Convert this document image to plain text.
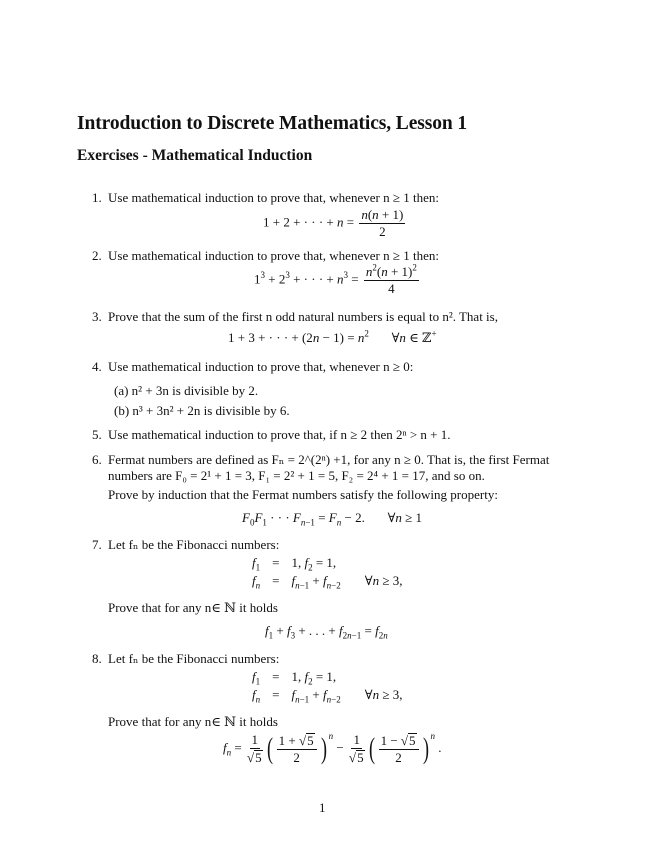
Introduction to Discrete Mathematics, Lesson 1
Exercises - Mathematical Induction
1. Use mathematical induction to prove that, whenever n ≥ 1 then:
1 + 2 + · · · + $n = \frac{n(n + 1)}{2}$
2. Use mathematical induction to prove that, whenever n ≥ 1 then:
$1^3 + 2^3$ + · · · + $n^3 = \frac{n^2(n + 1)^2}{4}$
3. Prove that the sum of the first n odd natural numbers is equal to n². That is,
1 + 3 + · · · + $(2n - 1) = n^2$       ∀n ∈ ℤ+
4. Use mathematical induction to prove that, whenever n ≥ 0:
(a) n² + 3n is divisible by 2.
(b) n³ + 3n² + 2n is divisible by 6.
5. Use mathematical induction to prove that, if n ≥ 2 then 2ⁿ > n + 1.
6. Fermat numbers are defined as Fₙ = 2^(2ⁿ) +1, for any n ≥ 0. That is, the first Fermat
numbers are F₀ = 2¹ + 1 = 3, F₁ = 2² + 1 = 5, F₂ = 2⁴ + 1 = 17, and so on.
Prove by induction that the Fermat numbers satisfy the following property:
$F_0F_1$ · · · $F_{n-1} = F_n - 2$.       ∀n ≥ 1
7. Let fₙ be the Fibonacci numbers:
$f_1$	=	1, $f_2 = 1$,	
$f_n$	=	$f_{n-1} + f_{n-2}$	∀n ≥ 3,
Prove that for any n∈ ℕ it holds
$f_1 + f_3$ + . . . + $f_{2n-1} = f_{2n}$
8. Let fₙ be the Fibonacci numbers:
$f_1$	=	1, $f_2 = 1$,	
$f_n$	=	$f_{n-1} + f_{n-2}$	∀n ≥ 3,
Prove that for any n∈ ℕ it holds
$f_n = \frac{1}{√5}$ ( $\frac{1 + √5}{2}$ ) $^n - \frac{1}{√5}$ ( $\frac{1 - √5}{2}$ ) $^n$ .
1
